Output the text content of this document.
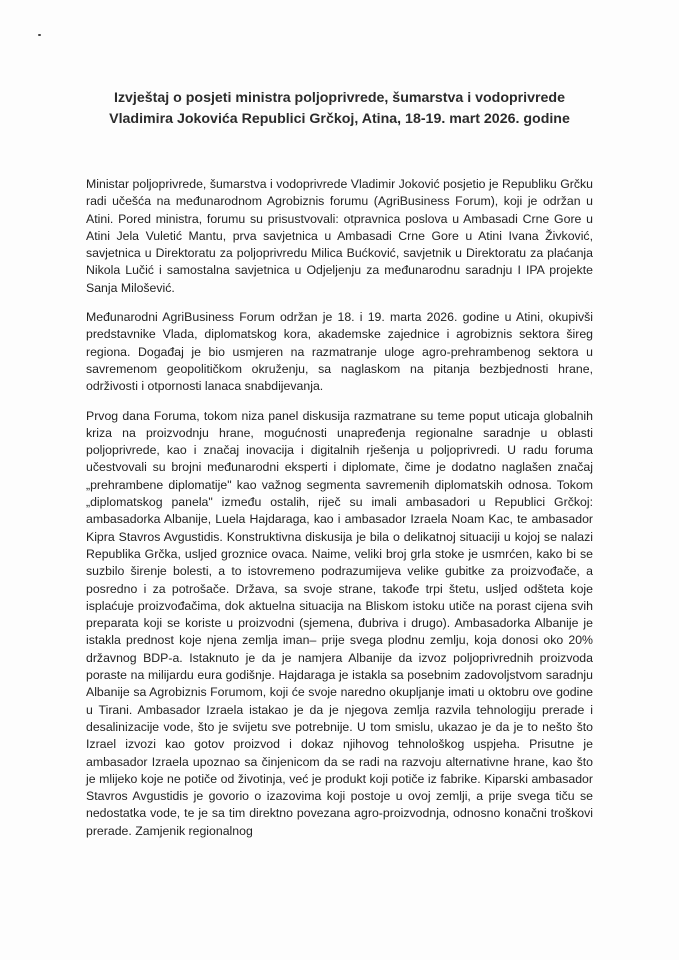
Izvještaj o posjeti ministra poljoprivrede, šumarstva i vodoprivrede Vladimira Jokovića Republici Grčkoj, Atina, 18-19. mart 2026. godine

Ministar poljoprivrede, šumarstva i vodoprivrede Vladimir Joković posjetio je Republiku Grčku radi učešća na međunarodnom Agrobiznis forumu (AgriBusiness Forum), koji je održan u Atini. Pored ministra, forumu su prisustvovali: otpravnica poslova u Ambasadi Crne Gore u Atini Jela Vuletić Mantu, prva savjetnica u Ambasadi Crne Gore u Atini Ivana Živković, savjetnica u Direktoratu za poljoprivredu Milica Bućković, savjetnik u Direktoratu za plaćanja Nikola Lučić i samostalna savjetnica u Odjeljenju za međunarodnu saradnju I IPA projekte Sanja Milošević.

Međunarodni AgriBusiness Forum održan je 18. i 19. marta 2026. godine u Atini, okupivši predstavnike Vlada, diplomatskog kora, akademske zajednice i agrobiznis sektora šireg regiona. Događaj je bio usmjeren na razmatranje uloge agro-prehrambenog sektora u savremenom geopolitičkom okruženju, sa naglaskom na pitanja bezbjednosti hrane, održivosti i otpornosti lanaca snabdijevanja.

Prvog dana Foruma, tokom niza panel diskusija razmatrane su teme poput uticaja globalnih kriza na proizvodnju hrane, mogućnosti unapređenja regionalne saradnje u oblasti poljoprivrede, kao i značaj inovacija i digitalnih rješenja u poljoprivredi. U radu foruma učestvovali su brojni međunarodni eksperti i diplomate, čime je dodatno naglašen značaj „prehrambene diplomatije" kao važnog segmenta savremenih diplomatskih odnosa. Tokom „diplomatskog panela" između ostalih, riječ su imali ambasadori u Republici Grčkoj: ambasadorka Albanije, Luela Hajdaraga, kao i ambasador Izraela Noam Kac, te ambasador Kipra Stavros Avgustidis. Konstruktivna diskusija je bila o delikatnoj situaciji u kojoj se nalazi Republika Grčka, usljed groznice ovaca. Naime, veliki broj grla stoke je usmrćen, kako bi se suzbilo širenje bolesti, a to istovremeno podrazumijeva velike gubitke za proizvođače, a posredno i za potrošače. Država, sa svoje strane, takođe trpi štetu, usljed odšteta koje isplaćuje proizvođačima, dok aktuelna situacija na Bliskom istoku utiče na porast cijena svih preparata koji se koriste u proizvodni (sjemena, đubriva i drugo). Ambasadorka Albanije je istakla prednost koje njena zemlja iman– prije svega plodnu zemlju, koja donosi oko 20% državnog BDP-a. Istaknuto je da je namjera Albanije da izvoz poljoprivrednih proizvoda poraste na milijardu eura godišnje. Hajdaraga je istakla sa posebnim zadovoljstvom saradnju Albanije sa Agrobiznis Forumom, koji će svoje naredno okupljanje imati u oktobru ove godine u Tirani. Ambasador Izraela istakao je da je njegova zemlja razvila tehnologiju prerade i desalinizacije vode, što je svijetu sve potrebnije. U tom smislu, ukazao je da je to nešto što Izrael izvozi kao gotov proizvod i dokaz njihovog tehnološkog uspjeha. Prisutne je ambasador Izraela upoznao sa činjenicom da se radi na razvoju alternativne hrane, kao što je mlijeko koje ne potiče od životinja, već je produkt koji potiče iz fabrike. Kiparski ambasador Stavros Avgustidis je govorio o izazovima koji postoje u ovoj zemlji, a prije svega tiču se nedostatka vode, te je sa tim direktno povezana agro-proizvodnja, odnosno konačni troškovi prerade. Zamjenik regionalnog
